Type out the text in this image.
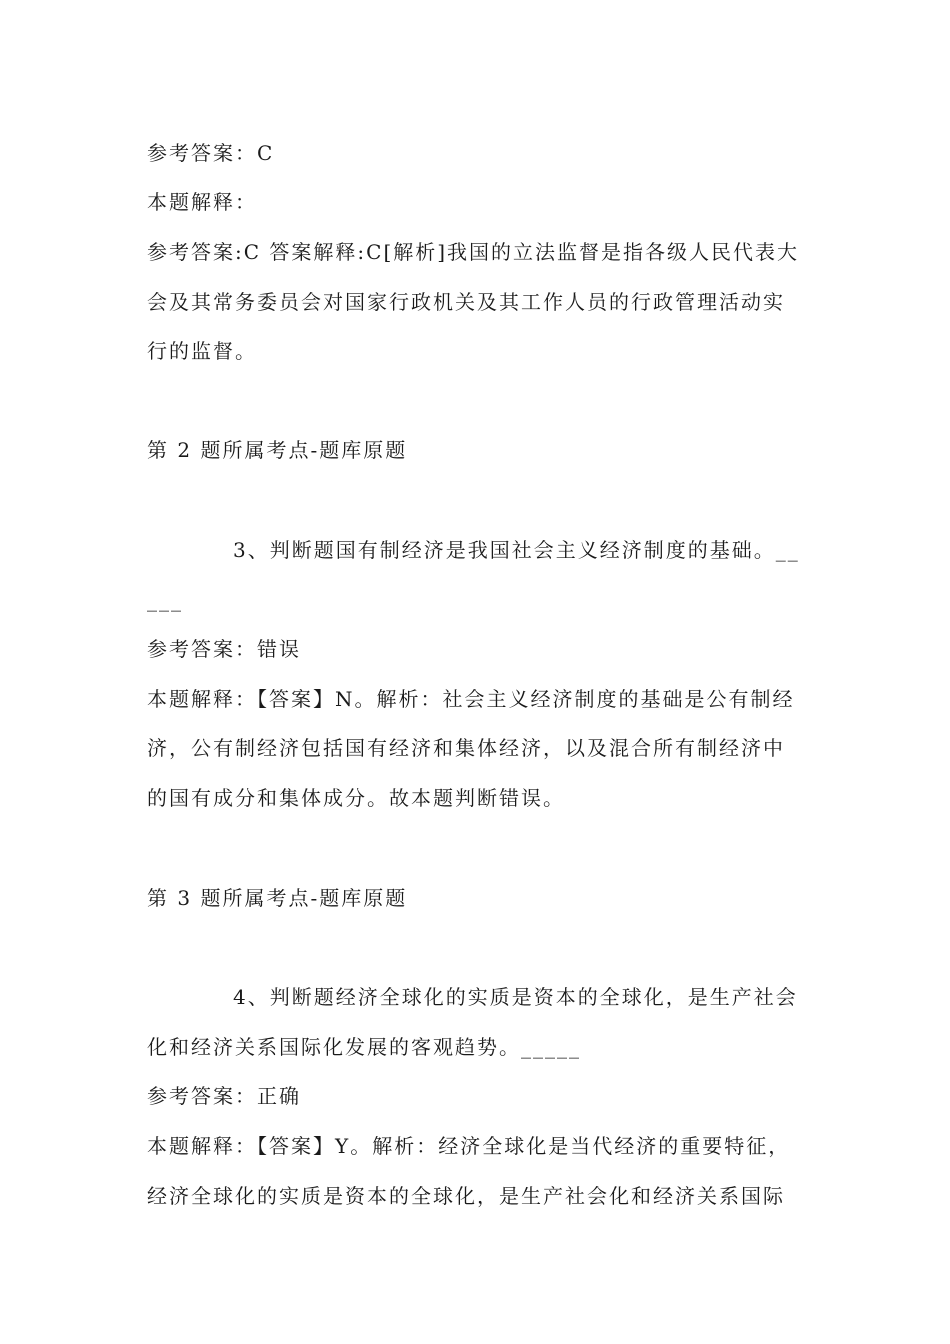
参考答案：C
本题解释：
参考答案:C 答案解释:C[解析]我国的立法监督是指各级人民代表大
会及其常务委员会对国家行政机关及其工作人员的行政管理活动实
行的监督。
第 2 题所属考点-题库原题
3、判断题国有制经济是我国社会主义经济制度的基础。__
___
参考答案：错误
本题解释：【答案】N。解析：社会主义经济制度的基础是公有制经
济，公有制经济包括国有经济和集体经济，以及混合所有制经济中
的国有成分和集体成分。故本题判断错误。
第 3 题所属考点-题库原题
4、判断题经济全球化的实质是资本的全球化，是生产社会
化和经济关系国际化发展的客观趋势。_____
参考答案：正确
本题解释：【答案】Y。解析：经济全球化是当代经济的重要特征，
经济全球化的实质是资本的全球化，是生产社会化和经济关系国际
